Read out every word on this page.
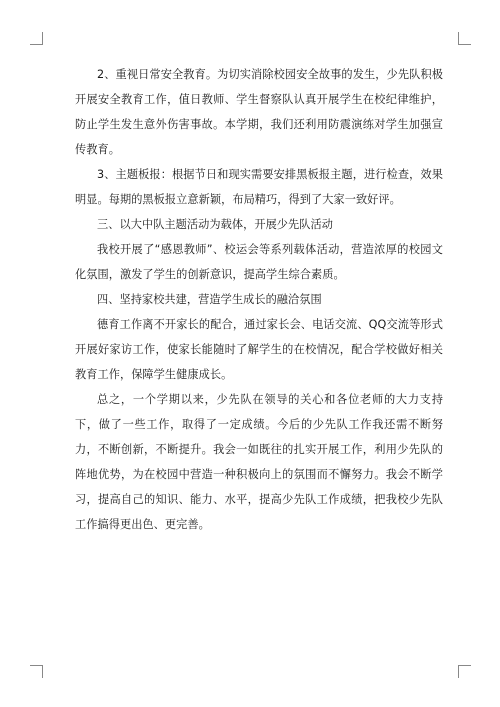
2、重视日常安全教育。为切实消除校园安全故事的发生，少先队积极开展安全教育工作，值日教师、学生督察队认真开展学生在校纪律维护，防止学生发生意外伤害事故。本学期，我们还利用防震演练对学生加强宣传教育。

3、主题板报：根据节日和现实需要安排黑板报主题，进行检查，效果明显。每期的黑板报立意新颖，布局精巧，得到了大家一致好评。

三、以大中队主题活动为载体，开展少先队活动

我校开展了“感恩教师”、校运会等系列载体活动，营造浓厚的校园文化氛围，激发了学生的创新意识，提高学生综合素质。

四、坚持家校共建，营造学生成长的融洽氛围

德育工作离不开家长的配合，通过家长会、电话交流、QQ交流等形式开展好家访工作，使家长能随时了解学生的在校情况，配合学校做好相关教育工作，保障学生健康成长。

总之，一个学期以来，少先队在领导的关心和各位老师的大力支持下，做了一些工作，取得了一定成绩。今后的少先队工作我还需不断努力，不断创新，不断提升。我会一如既往的扎实开展工作，利用少先队的阵地优势，为在校园中营造一种积极向上的氛围而不懈努力。我会不断学习，提高自己的知识、能力、水平，提高少先队工作成绩，把我校少先队工作搞得更出色、更完善。
